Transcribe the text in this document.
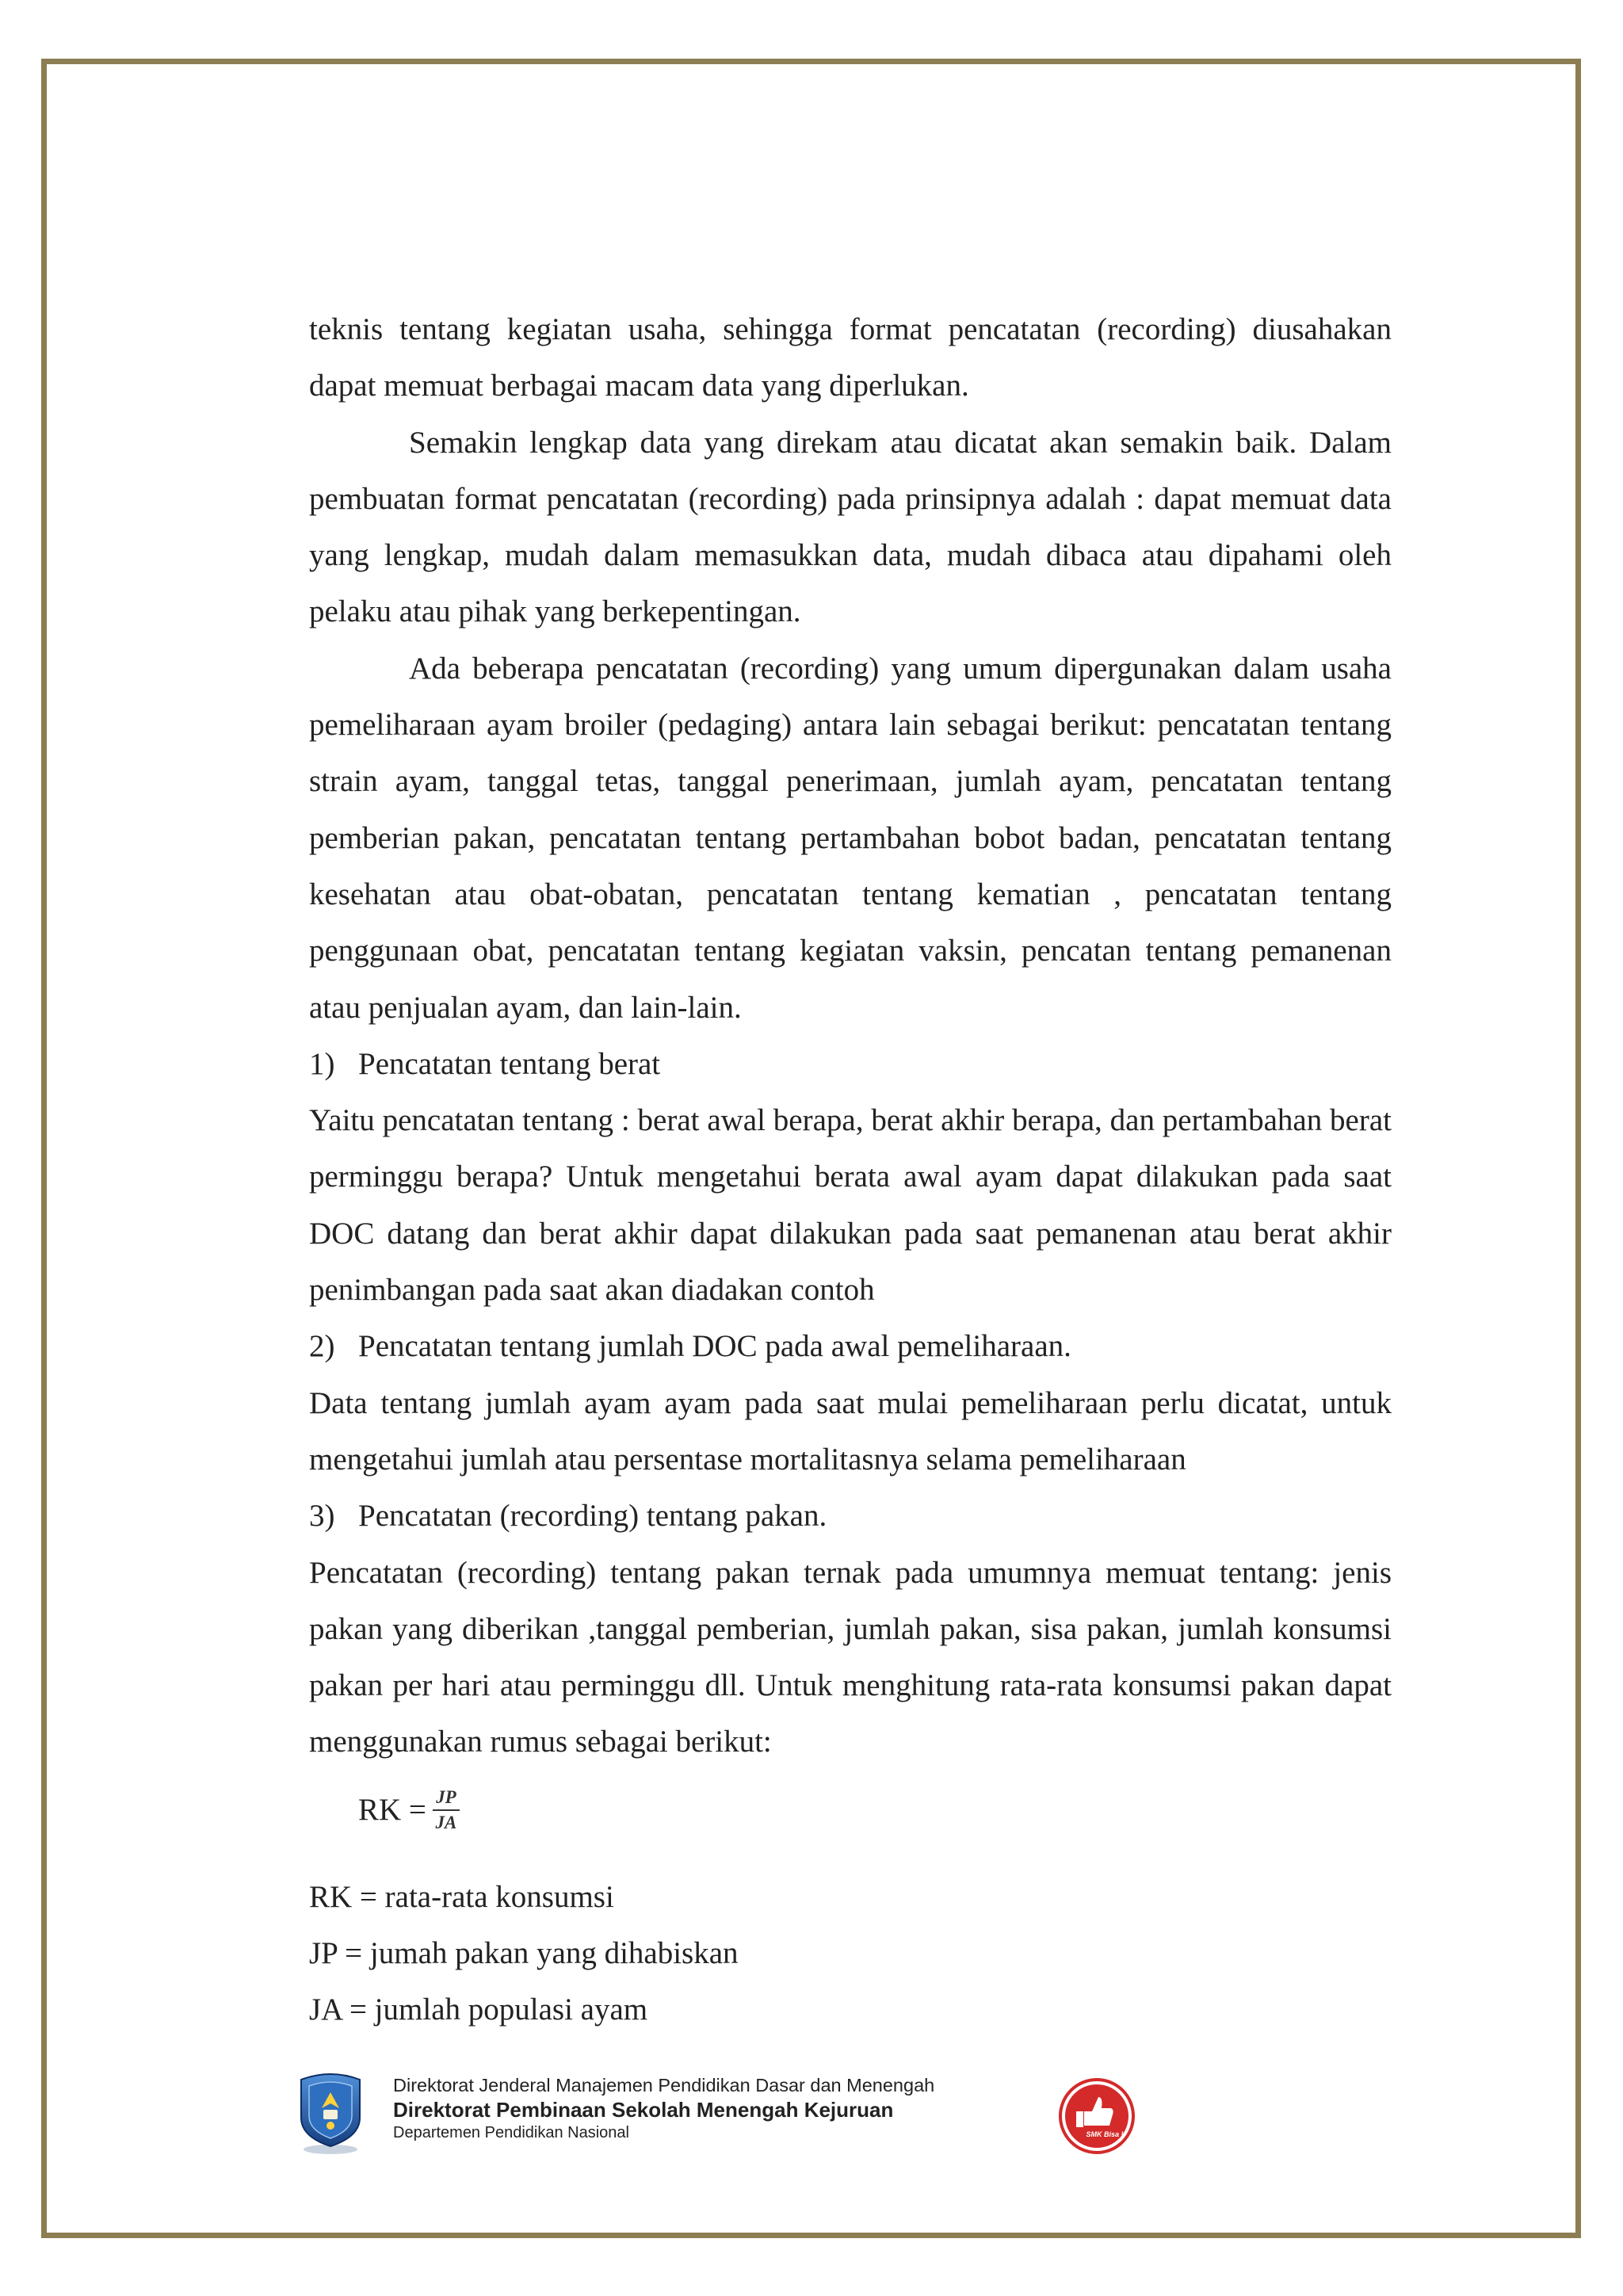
teknis tentang kegiatan usaha, sehingga format pencatatan (recording) diusahakan dapat memuat berbagai macam data yang diperlukan.

Semakin lengkap data yang direkam atau dicatat akan semakin baik. Dalam pembuatan format pencatatan (recording) pada prinsipnya adalah : dapat memuat data yang lengkap, mudah dalam memasukkan data, mudah dibaca atau dipahami oleh pelaku atau pihak yang berkepentingan.

Ada beberapa pencatatan (recording) yang umum dipergunakan dalam usaha pemeliharaan ayam broiler (pedaging) antara lain sebagai berikut: pencatatan tentang strain ayam, tanggal tetas, tanggal penerimaan, jumlah ayam, pencatatan tentang pemberian pakan, pencatatan tentang pertambahan bobot badan, pencatatan tentang kesehatan atau obat-obatan, pencatatan tentang kematian , pencatatan tentang penggunaan obat, pencatatan tentang kegiatan vaksin, pencatan tentang pemanenan atau penjualan ayam, dan lain-lain.

1) Pencatatan tentang berat

Yaitu pencatatan tentang : berat awal berapa, berat akhir berapa, dan pertambahan berat perminggu berapa? Untuk mengetahui berata awal ayam dapat dilakukan pada saat DOC datang dan berat akhir dapat dilakukan pada saat pemanenan atau berat akhir penimbangan pada saat akan diadakan contoh

2) Pencatatan tentang jumlah DOC pada awal pemeliharaan.

Data tentang jumlah ayam ayam pada saat mulai pemeliharaan perlu dicatat, untuk mengetahui jumlah atau persentase mortalitasnya selama pemeliharaan

3) Pencatatan (recording) tentang pakan.

Pencatatan (recording) tentang pakan ternak pada umumnya memuat tentang: jenis pakan yang diberikan ,tanggal pemberian, jumlah pakan, sisa pakan, jumlah konsumsi pakan per hari atau perminggu dll. Untuk menghitung rata-rata konsumsi pakan dapat menggunakan rumus sebagai berikut:

RK = $\frac{JP}{JA}$

RK = rata-rata konsumsi

JP = jumah pakan yang dihabiskan

JA = jumlah populasi ayam

Direktorat Jenderal Manajemen Pendidikan Dasar dan Menengah
Direktorat Pembinaan Sekolah Menengah Kejuruan
Departemen Pendidikan Nasional	SMK Bisa !
